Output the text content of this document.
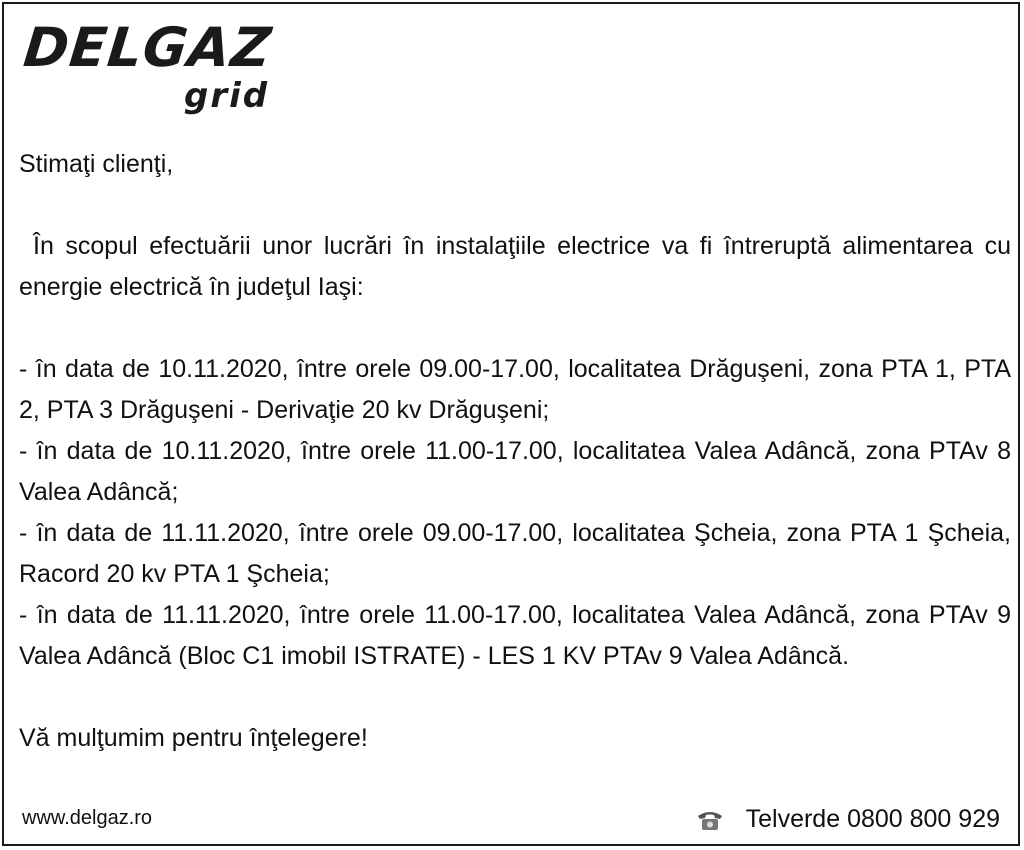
DELGAZ
grid

Stimaţi clienţi,

În scopul efectuării unor lucrări în instalaţiile electrice va fi întreruptă alimentarea cu energie electrică în judeţul Iaşi:

- în data de 10.11.2020, între orele 09.00-17.00, localitatea Drăguşeni, zona PTA 1, PTA 2, PTA 3 Drăguşeni - Derivaţie 20 kv Drăguşeni;

- în data de 10.11.2020, între orele 11.00-17.00, localitatea Valea Adâncă, zona PTAv 8 Valea Adâncă;

- în data de 11.11.2020, între orele 09.00-17.00, localitatea Şcheia, zona PTA 1 Şcheia, Racord 20 kv PTA 1 Şcheia;

- în data de 11.11.2020, între orele 11.00-17.00, localitatea Valea Adâncă, zona PTAv 9 Valea Adâncă (Bloc C1 imobil ISTRATE) - LES 1 KV PTAv 9 Valea Adâncă.

Vă mulţumim pentru înţelegere!

www.delgaz.ro	Telverde 0800 800 929
